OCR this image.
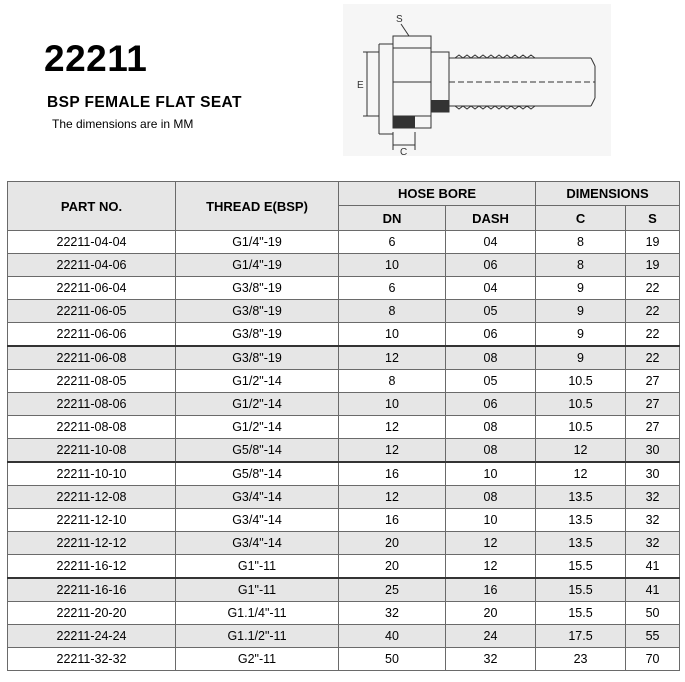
22211
BSP FEMALE FLAT SEAT

The dimensions are in MM

S
E
C
PART NO.	THREAD E(BSP)	HOSE BORE		DIMENSIONS	
		DN	DASH	C	S
22211-04-04	G1/4"-19	6	04	8	19
22211-04-06	G1/4"-19	10	06	8	19
22211-06-04	G3/8"-19	6	04	9	22
22211-06-05	G3/8"-19	8	05	9	22
22211-06-06	G3/8"-19	10	06	9	22
22211-06-08	G3/8"-19	12	08	9	22
22211-08-05	G1/2"-14	8	05	10.5	27
22211-08-06	G1/2"-14	10	06	10.5	27
22211-08-08	G1/2"-14	12	08	10.5	27
22211-10-08	G5/8"-14	12	08	12	30
22211-10-10	G5/8"-14	16	10	12	30
22211-12-08	G3/4"-14	12	08	13.5	32
22211-12-10	G3/4"-14	16	10	13.5	32
22211-12-12	G3/4"-14	20	12	13.5	32
22211-16-12	G1"-11	20	12	15.5	41
22211-16-16	G1"-11	25	16	15.5	41
22211-20-20	G1.1/4"-11	32	20	15.5	50
22211-24-24	G1.1/2"-11	40	24	17.5	55
22211-32-32	G2"-11	50	32	23	70
